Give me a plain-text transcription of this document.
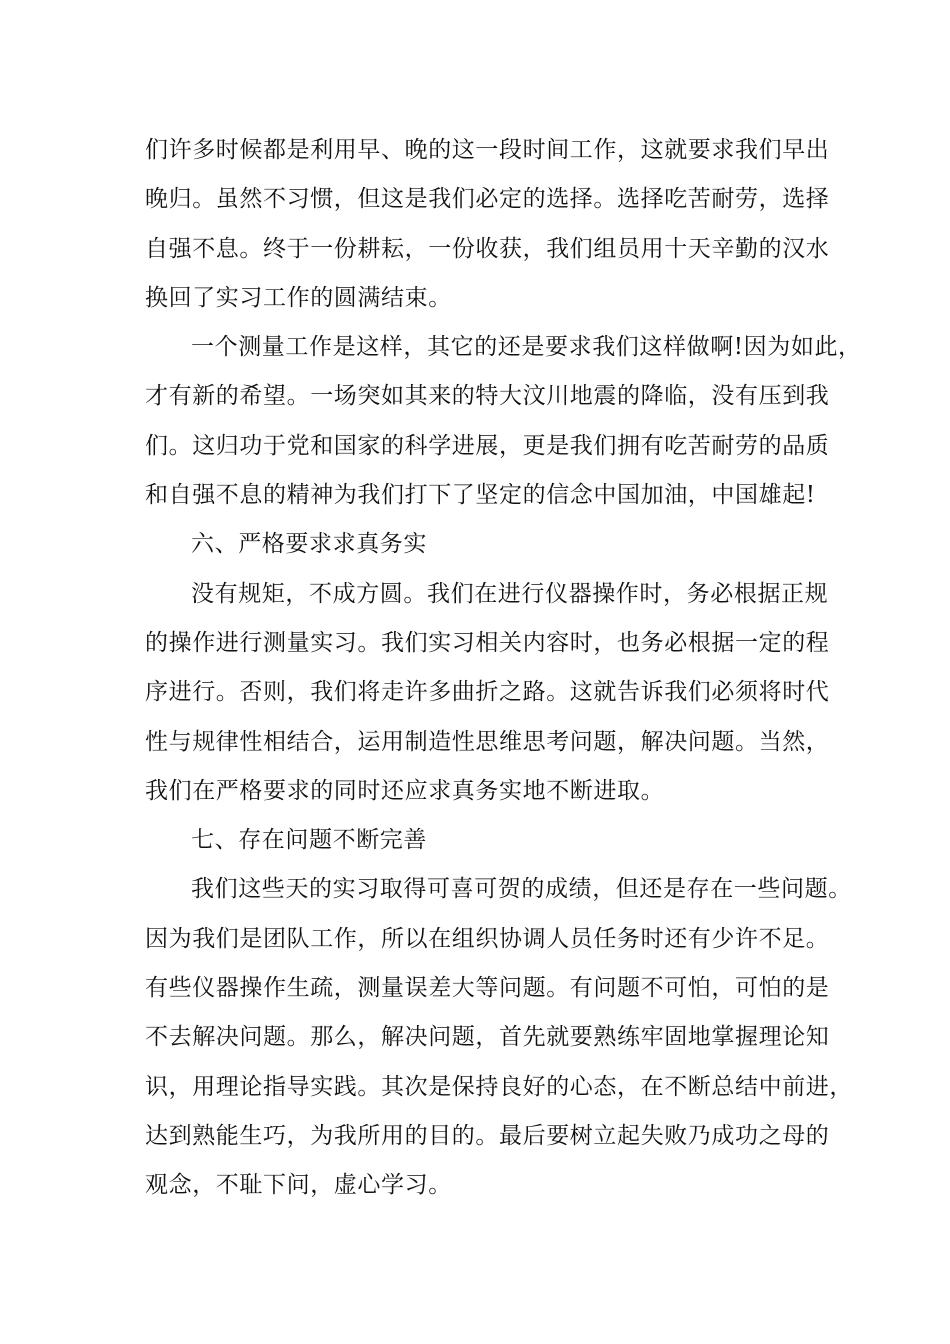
们许多时候都是利用早、晚的这一段时间工作，这就要求我们早出
晚归。虽然不习惯，但这是我们必定的选择。选择吃苦耐劳，选择
自强不息。终于一份耕耘，一份收获，我们组员用十天辛勤的汉水
换回了实习工作的圆满结束。
一个测量工作是这样，其它的还是要求我们这样做啊!因为如此，
才有新的希望。一场突如其来的特大汶川地震的降临，没有压到我
们。这归功于党和国家的科学进展，更是我们拥有吃苦耐劳的品质
和自强不息的精神为我们打下了坚定的信念中国加油，中国雄起!
六、严格要求求真务实
没有规矩，不成方圆。我们在进行仪器操作时，务必根据正规
的操作进行测量实习。我们实习相关内容时，也务必根据一定的程
序进行。否则，我们将走许多曲折之路。这就告诉我们必须将时代
性与规律性相结合，运用制造性思维思考问题，解决问题。当然，
我们在严格要求的同时还应求真务实地不断进取。
七、存在问题不断完善
我们这些天的实习取得可喜可贺的成绩，但还是存在一些问题。
因为我们是团队工作，所以在组织协调人员任务时还有少许不足。
有些仪器操作生疏，测量误差大等问题。有问题不可怕，可怕的是
不去解决问题。那么，解决问题，首先就要熟练牢固地掌握理论知
识，用理论指导实践。其次是保持良好的心态，在不断总结中前进，
达到熟能生巧，为我所用的目的。最后要树立起失败乃成功之母的
观念，不耻下问，虚心学习。
